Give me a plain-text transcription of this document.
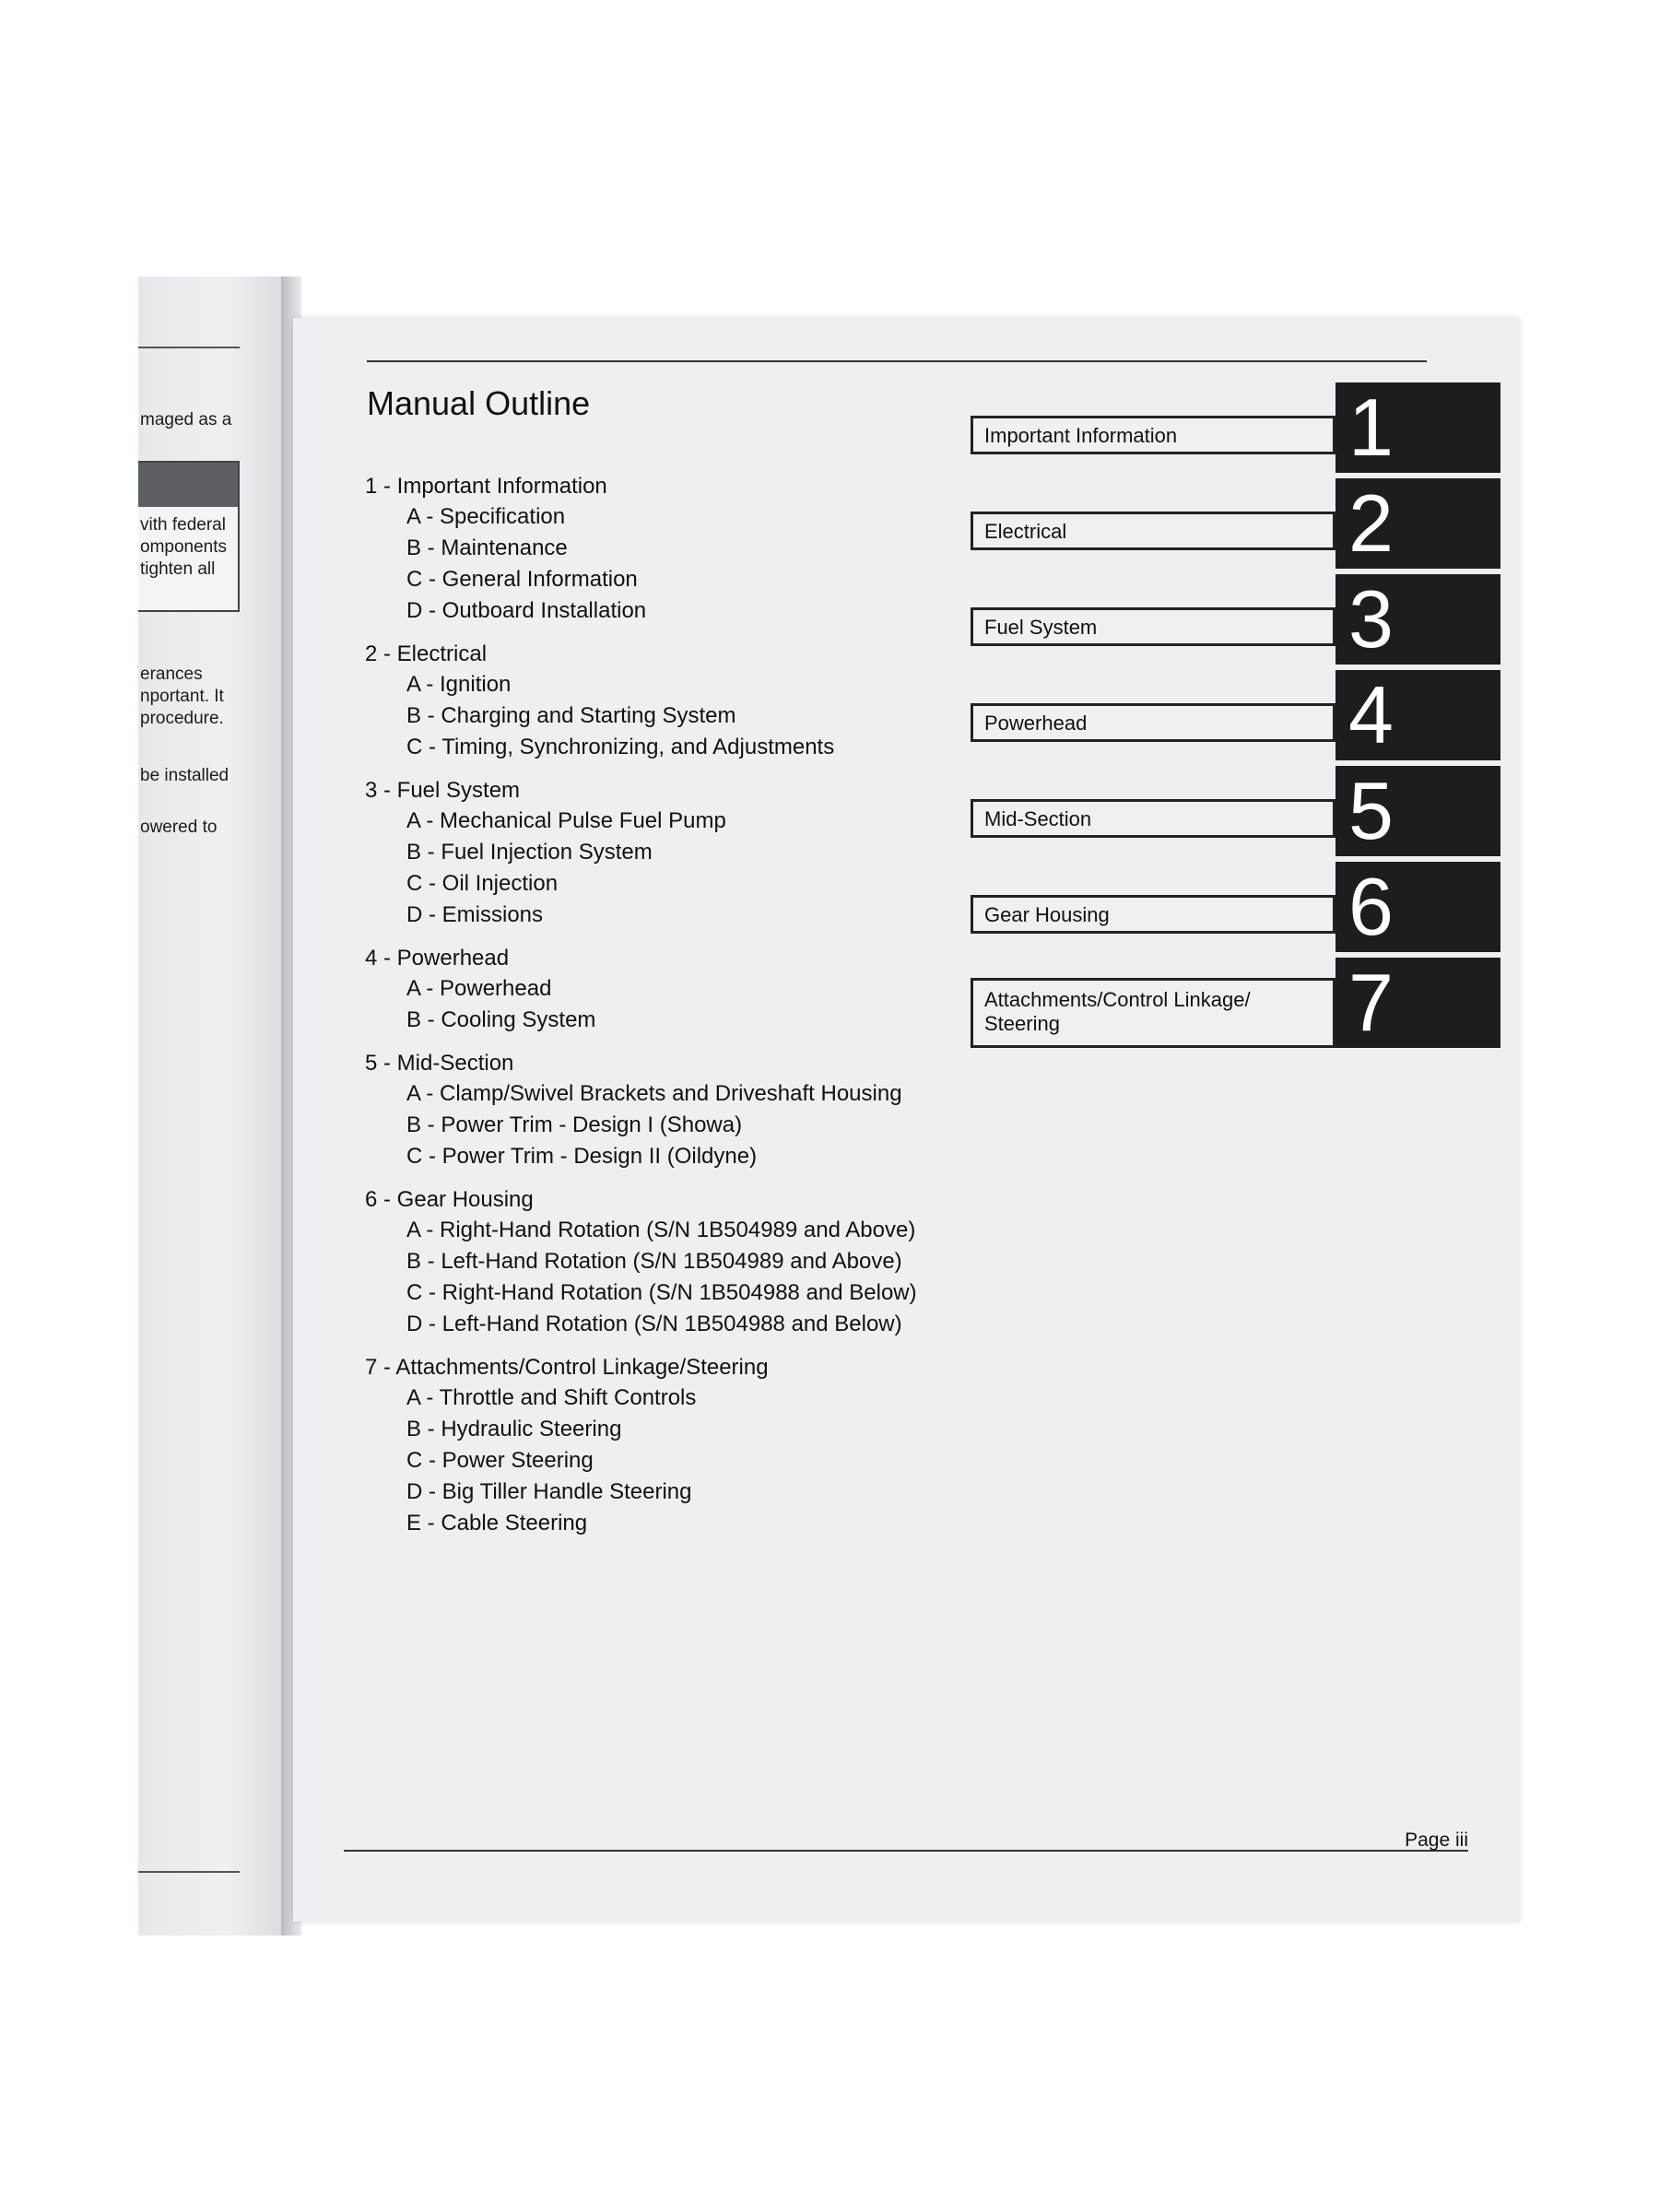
maged as a
vith federal
omponents
tighten all
erances
nportant. It
procedure.
be installed
owered to
Manual Outline
1 - Important Information
A - Specification
B - Maintenance
C - General Information
D - Outboard Installation
2 - Electrical
A - Ignition
B - Charging and Starting System
C - Timing, Synchronizing, and Adjustments
3 - Fuel System
A - Mechanical Pulse Fuel Pump
B - Fuel Injection System
C - Oil Injection
D - Emissions
4 - Powerhead
A - Powerhead
B - Cooling System
5 - Mid-Section
A - Clamp/Swivel Brackets and Driveshaft Housing
B - Power Trim - Design I (Showa)
C - Power Trim - Design II (Oildyne)
6 - Gear Housing
A - Right-Hand Rotation (S/N 1B504989 and Above)
B - Left-Hand Rotation (S/N 1B504989 and Above)
C - Right-Hand Rotation (S/N 1B504988 and Below)
D - Left-Hand Rotation (S/N 1B504988 and Below)
7 - Attachments/Control Linkage/Steering
A - Throttle and Shift Controls
B - Hydraulic Steering
C - Power Steering
D - Big Tiller Handle Steering
E - Cable Steering
Important Information	1
Electrical	2
Fuel System	3
Powerhead	4
Mid-Section	5
Gear Housing	6
Attachments/Control Linkage/
Steering	7
Page iii
